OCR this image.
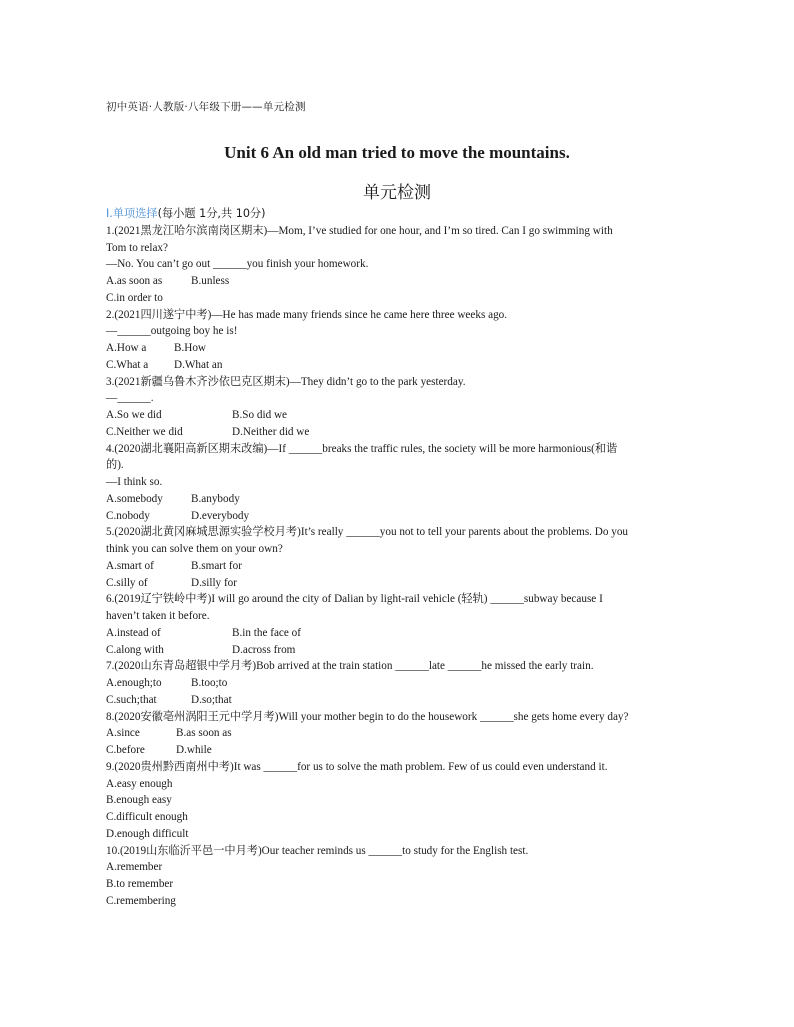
初中英语·人教版·八年级下册——单元检测
Unit 6 An old man tried to move the mountains.
单元检测
Ⅰ.单项选择(每小题 1分,共 10分)
1.(2021黑龙江哈尔滨南岗区期末)—Mom, I’ve studied for one hour, and I’m so tired. Can I go swimming with
Tom to relax?
—No. You can’t go out ______you finish your homework.
A.as soon as	B.unless
C.in order to
2.(2021四川遂宁中考)—He has made many friends since he came here three weeks ago.
—______outgoing boy he is!
A.How a	B.How
C.What a	D.What an
3.(2021新疆乌鲁木齐沙依巴克区期末)—They didn’t go to the park yesterday.
—______.
A.So we did	B.So did we
C.Neither we did	D.Neither did we
4.(2020湖北襄阳高新区期末改编)—If ______breaks the traffic rules, the society will be more harmonious(和谐
的).
—I think so.
A.somebody	B.anybody
C.nobody	D.everybody
5.(2020湖北黄冈麻城思源实验学校月考)It’s really ______you not to tell your parents about the problems. Do you
think you can solve them on your own?
A.smart of	B.smart for
C.silly of	D.silly for
6.(2019辽宁铁岭中考)I will go around the city of Dalian by light-rail vehicle (轻轨) ______subway because I
haven’t taken it before.
A.instead of	B.in the face of
C.along with	D.across from
7.(2020山东青岛超银中学月考)Bob arrived at the train station ______late ______he missed the early train.
A.enough;to	B.too;to
C.such;that	D.so;that
8.(2020安徽亳州涡阳王元中学月考)Will your mother begin to do the housework ______she gets home every day?
A.since	B.as soon as
C.before	D.while
9.(2020贵州黔西南州中考)It was ______for us to solve the math problem. Few of us could even understand it.
A.easy enough
B.enough easy
C.difficult enough
D.enough difficult
10.(2019山东临沂平邑一中月考)Our teacher reminds us ______to study for the English test.
A.remember
B.to remember
C.remembering
